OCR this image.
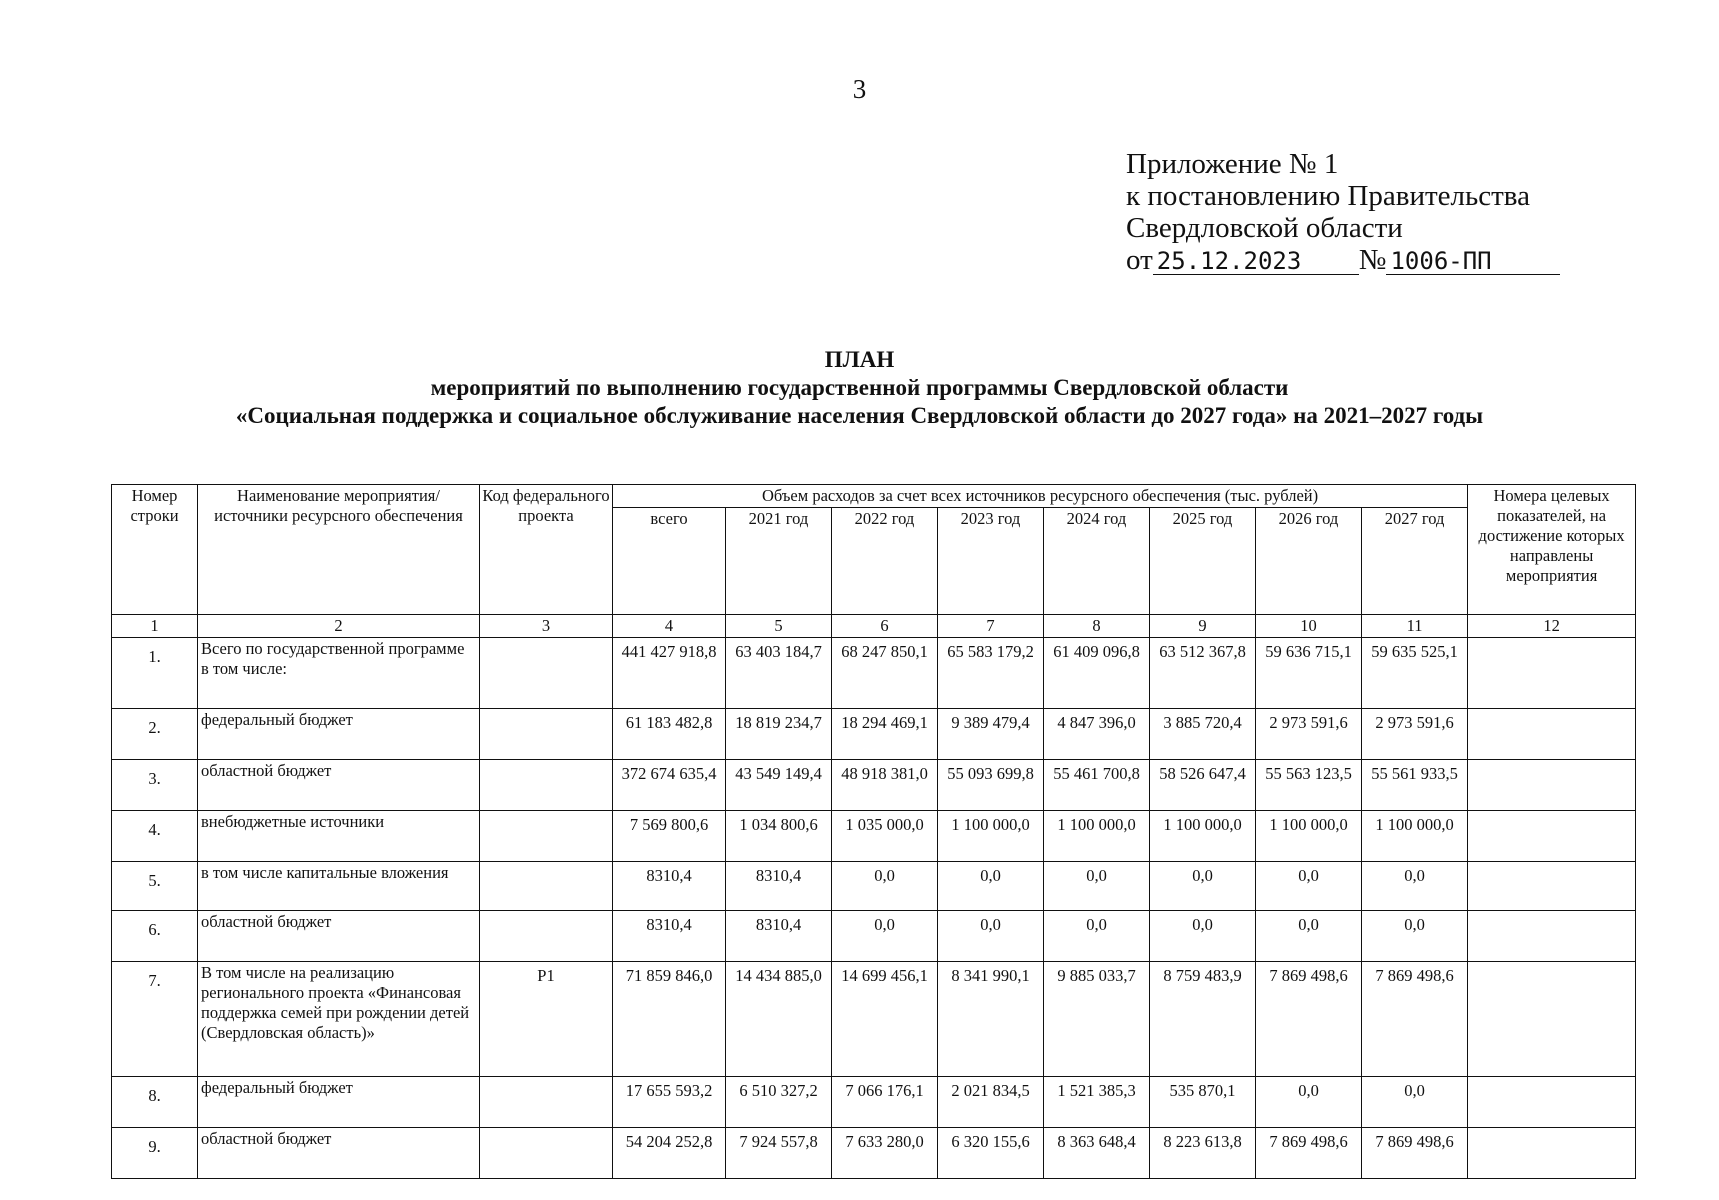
3
Приложение № 1
к постановлению Правительства
Свердловской области
от 25.12.2023 № 1006-ПП
ПЛАН
мероприятий по выполнению государственной программы Свердловской области
«Социальная поддержка и социальное обслуживание населения Свердловской области до 2027 года» на 2021–2027 годы
Номер строки	Наименование мероприятия/ источники ресурсного обеспечения	Код федерального проекта	Объем расходов за счет всех источников ресурсного обеспечения (тыс. рублей)								Номера целевых показателей, на достижение которых направлены мероприятия
			всего	2021 год	2022 год	2023 год	2024 год	2025 год	2026 год	2027 год	
1	2	3	4	5	6	7	8	9	10	11	12
1.	Всего по государственной программе в том числе:		441 427 918,8	63 403 184,7	68 247 850,1	65 583 179,2	61 409 096,8	63 512 367,8	59 636 715,1	59 635 525,1	
2.	федеральный бюджет		61 183 482,8	18 819 234,7	18 294 469,1	9 389 479,4	4 847 396,0	3 885 720,4	2 973 591,6	2 973 591,6	
3.	областной бюджет		372 674 635,4	43 549 149,4	48 918 381,0	55 093 699,8	55 461 700,8	58 526 647,4	55 563 123,5	55 561 933,5	
4.	внебюджетные источники		7 569 800,6	1 034 800,6	1 035 000,0	1 100 000,0	1 100 000,0	1 100 000,0	1 100 000,0	1 100 000,0	
5.	в том числе капитальные вложения		8310,4	8310,4	0,0	0,0	0,0	0,0	0,0	0,0	
6.	областной бюджет		8310,4	8310,4	0,0	0,0	0,0	0,0	0,0	0,0	
7.	В том числе на реализацию регионального проекта «Финансовая поддержка семей при рождении детей (Свердловская область)»	P1	71 859 846,0	14 434 885,0	14 699 456,1	8 341 990,1	9 885 033,7	8 759 483,9	7 869 498,6	7 869 498,6	
8.	федеральный бюджет		17 655 593,2	6 510 327,2	7 066 176,1	2 021 834,5	1 521 385,3	535 870,1	0,0	0,0	
9.	областной бюджет		54 204 252,8	7 924 557,8	7 633 280,0	6 320 155,6	8 363 648,4	8 223 613,8	7 869 498,6	7 869 498,6	
